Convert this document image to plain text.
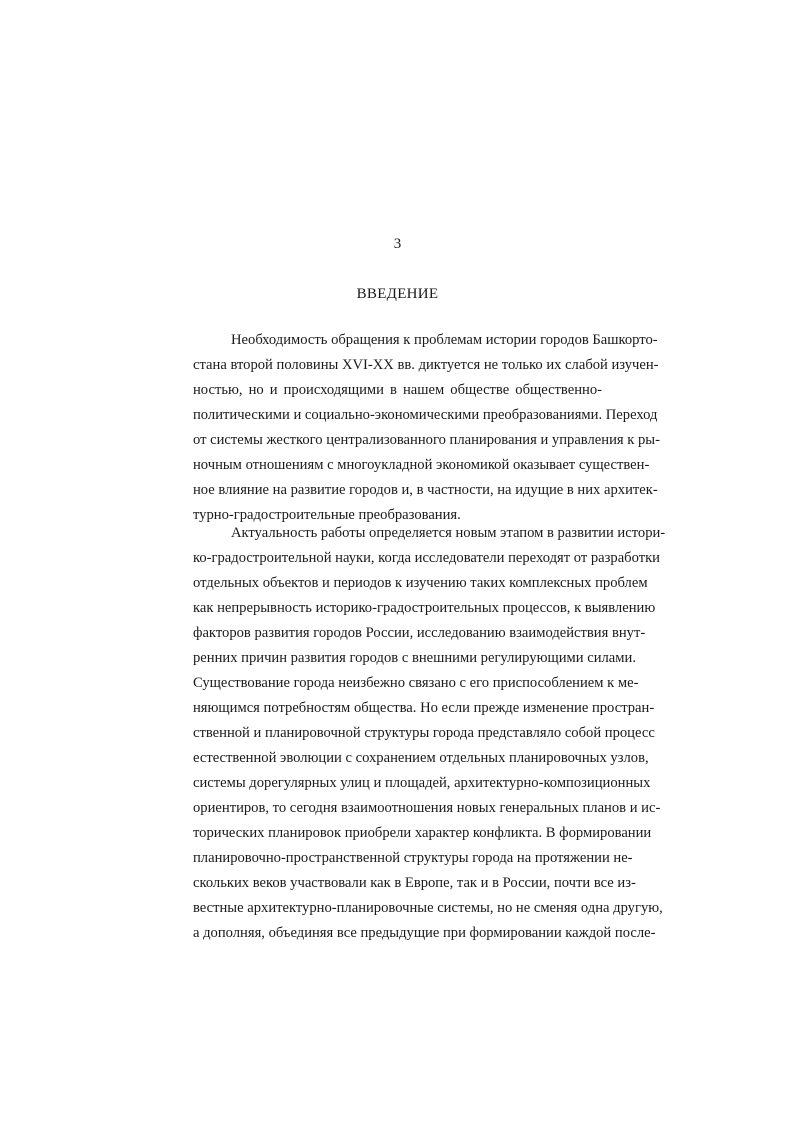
3
ВВЕДЕНИЕ
Необходимость обращения к проблемам истории городов Башкорто-
стана второй половины XVI-XX вв. диктуется не только их слабой изучен-
ностью, но и происходящими в нашем обществе общественно-
политическими и социально-экономическими преобразованиями. Переход
от системы жесткого централизованного планирования и управления к ры-
ночным отношениям с многоукладной экономикой оказывает существен-
ное влияние на развитие городов и, в частности, на идущие в них архитек-
турно-градостроительные преобразования.
Актуальность работы определяется новым этапом в развитии истори-
ко-градостроительной науки, когда исследователи переходят от разработки
отдельных объектов и периодов к изучению таких комплексных проблем
как непрерывность историко-градостроительных процессов, к выявлению
факторов развития городов России, исследованию взаимодействия внут-
ренних причин развития городов с внешними регулирующими силами.
Существование города неизбежно связано с его приспособлением к ме-
няющимся потребностям общества. Но если прежде изменение простран-
ственной и планировочной структуры города представляло собой процесс
естественной эволюции с сохранением отдельных планировочных узлов,
системы дорегулярных улиц и площадей, архитектурно-композиционных
ориентиров, то сегодня взаимоотношения новых генеральных планов и ис-
торических планировок приобрели характер конфликта. В формировании
планировочно-пространственной структуры города на протяжении не-
скольких веков участвовали как в Европе, так и в России, почти все из-
вестные архитектурно-планировочные системы, но не сменяя одна другую,
а дополняя, объединяя все предыдущие при формировании каждой после-
